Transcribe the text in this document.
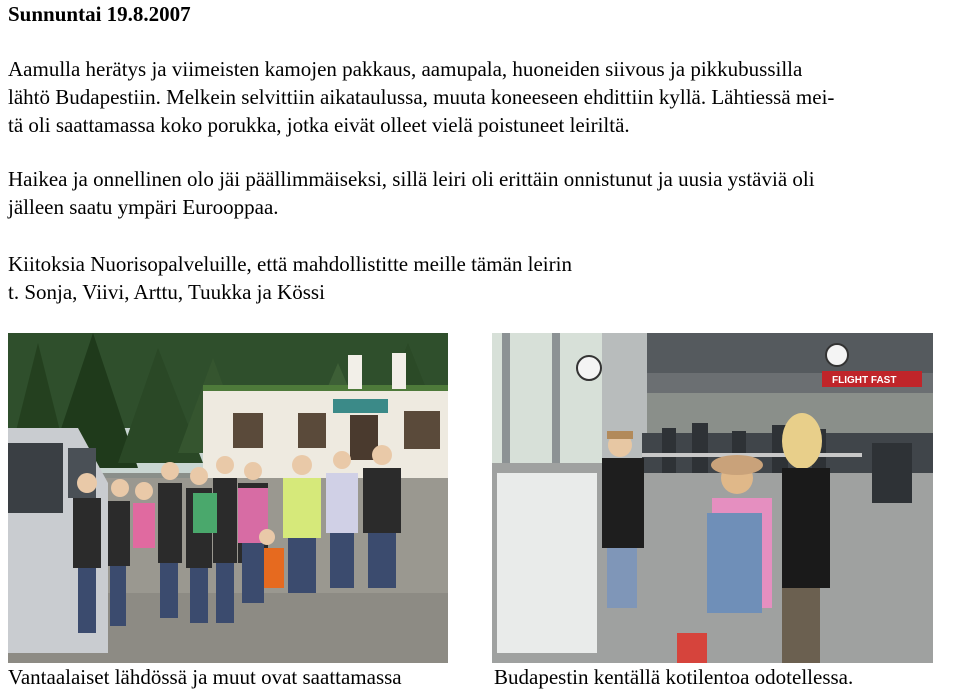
Sunnuntai 19.8.2007
Aamulla herätys ja viimeisten kamojen pakkaus, aamupala, huoneiden siivous ja pikkubussilla
lähtö Budapestiin. Melkein selvittiin aikataulussa, muuta koneeseen ehdittiin kyllä. Lähtiessä mei-
tä oli saattamassa koko porukka, jotka eivät olleet vielä poistuneet leiriltä.
Haikea ja onnellinen olo jäi päällimmäiseksi, sillä leiri oli erittäin onnistunut ja uusia ystäviä oli
jälleen saatu ympäri Eurooppaa.
Kiitoksia Nuorisopalveluille, että mahdollistitte meille tämän leirin
t. Sonja, Viivi, Arttu, Tuukka ja Kössi
FLIGHT FAST
Vantaalaiset lähdössä ja muut ovat saattamassa	Budapestin kentällä kotilentoa odotellessa.
